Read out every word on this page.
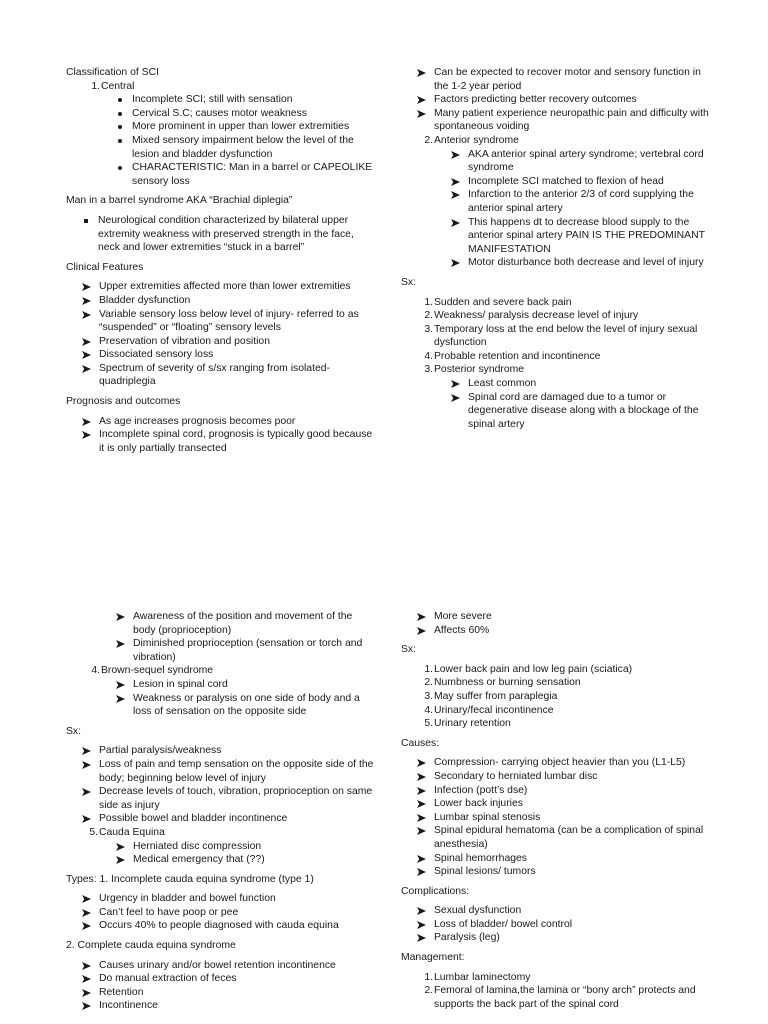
Classification of SCI
1. Central
Incomplete SCI; still with sensation
Cervical S.C; causes motor weakness
More prominent in upper than lower extremities
Mixed sensory impairment below the level of the lesion and bladder dysfunction
CHARACTERISTIC: Man in a barrel or CAPEOLIKE sensory loss
Man in a barrel syndrome AKA “Brachial diplegia”
Neurological condition characterized by bilateral upper extremity weakness with preserved strength in the face, neck and lower extremities “stuck in a barrel”
Clinical Features
Upper extremities affected more than lower extremities
Bladder dysfunction
Variable sensory loss below level of injury- referred to as “suspended” or “floating” sensory levels
Preservation of vibration and position
Dissociated sensory loss
Spectrum of severity of s/sx ranging from isolated- quadriplegia
Prognosis and outcomes
As age increases prognosis becomes poor
Incomplete spinal cord, prognosis is typically good because it is only partially transected
Can be expected to recover motor and sensory function in the 1-2 year period
Factors predicting better recovery outcomes
Many patient experience neuropathic pain and difficulty with spontaneous voiding
2. Anterior syndrome
AKA anterior spinal artery syndrome; vertebral cord syndrome
Incomplete SCI matched to flexion of head
Infarction to the anterior 2/3 of cord supplying the anterior spinal artery
This happens dt to decrease blood supply to the anterior spinal artery PAIN IS THE PREDOMINANT MANIFESTATION
Motor disturbance both decrease and level of injury
Sx:
1. Sudden and severe back pain
2. Weakness/ paralysis decrease level of injury
3. Temporary loss at the end below the level of injury sexual dysfunction
4. Probable retention and incontinence
3. Posterior syndrome
Least common
Spinal cord are damaged due to a tumor or degenerative disease along with a blockage of the spinal artery
Awareness of the position and movement of the body (proprioception)
Diminished proprioception (sensation or torch and vibration)
4. Brown-sequel syndrome
Lesion in spinal cord
Weakness or paralysis on one side of body and a loss of sensation on the opposite side
Sx:
Partial paralysis/weakness
Loss of pain and temp sensation on the opposite side of the body; beginning below level of injury
Decrease levels of touch, vibration, proprioception on same side as injury
Possible bowel and bladder incontinence
5. Cauda Equina
Herniated disc compression
Medical emergency that (??)
Types: 1. Incomplete cauda equina syndrome (type 1)
Urgency in bladder and bowel function
Can’t feel to have poop or pee
Occurs 40% to people diagnosed with cauda equina
2. Complete cauda equina syndrome
Causes urinary and/or bowel retention incontinence
Do manual extraction of feces
Retention
Incontinence
More severe
Affects 60%
Sx:
1. Lower back pain and low leg pain (sciatica)
2. Numbness or burning sensation
3. May suffer from paraplegia
4. Urinary/fecal incontinence
5. Urinary retention
Causes:
Compression- carrying object heavier than you (L1-L5)
Secondary to herniated lumbar disc
Infection (pott’s dse)
Lower back injuries
Lumbar spinal stenosis
Spinal epidural hematoma (can be a complication of spinal anesthesia)
Spinal hemorrhages
Spinal lesions/ tumors
Complications:
Sexual dysfunction
Loss of bladder/ bowel control
Paralysis (leg)
Management:
1. Lumbar laminectomy
2. Femoral of lamina,the lamina or “bony arch” protects and supports the back part of the spinal cord
